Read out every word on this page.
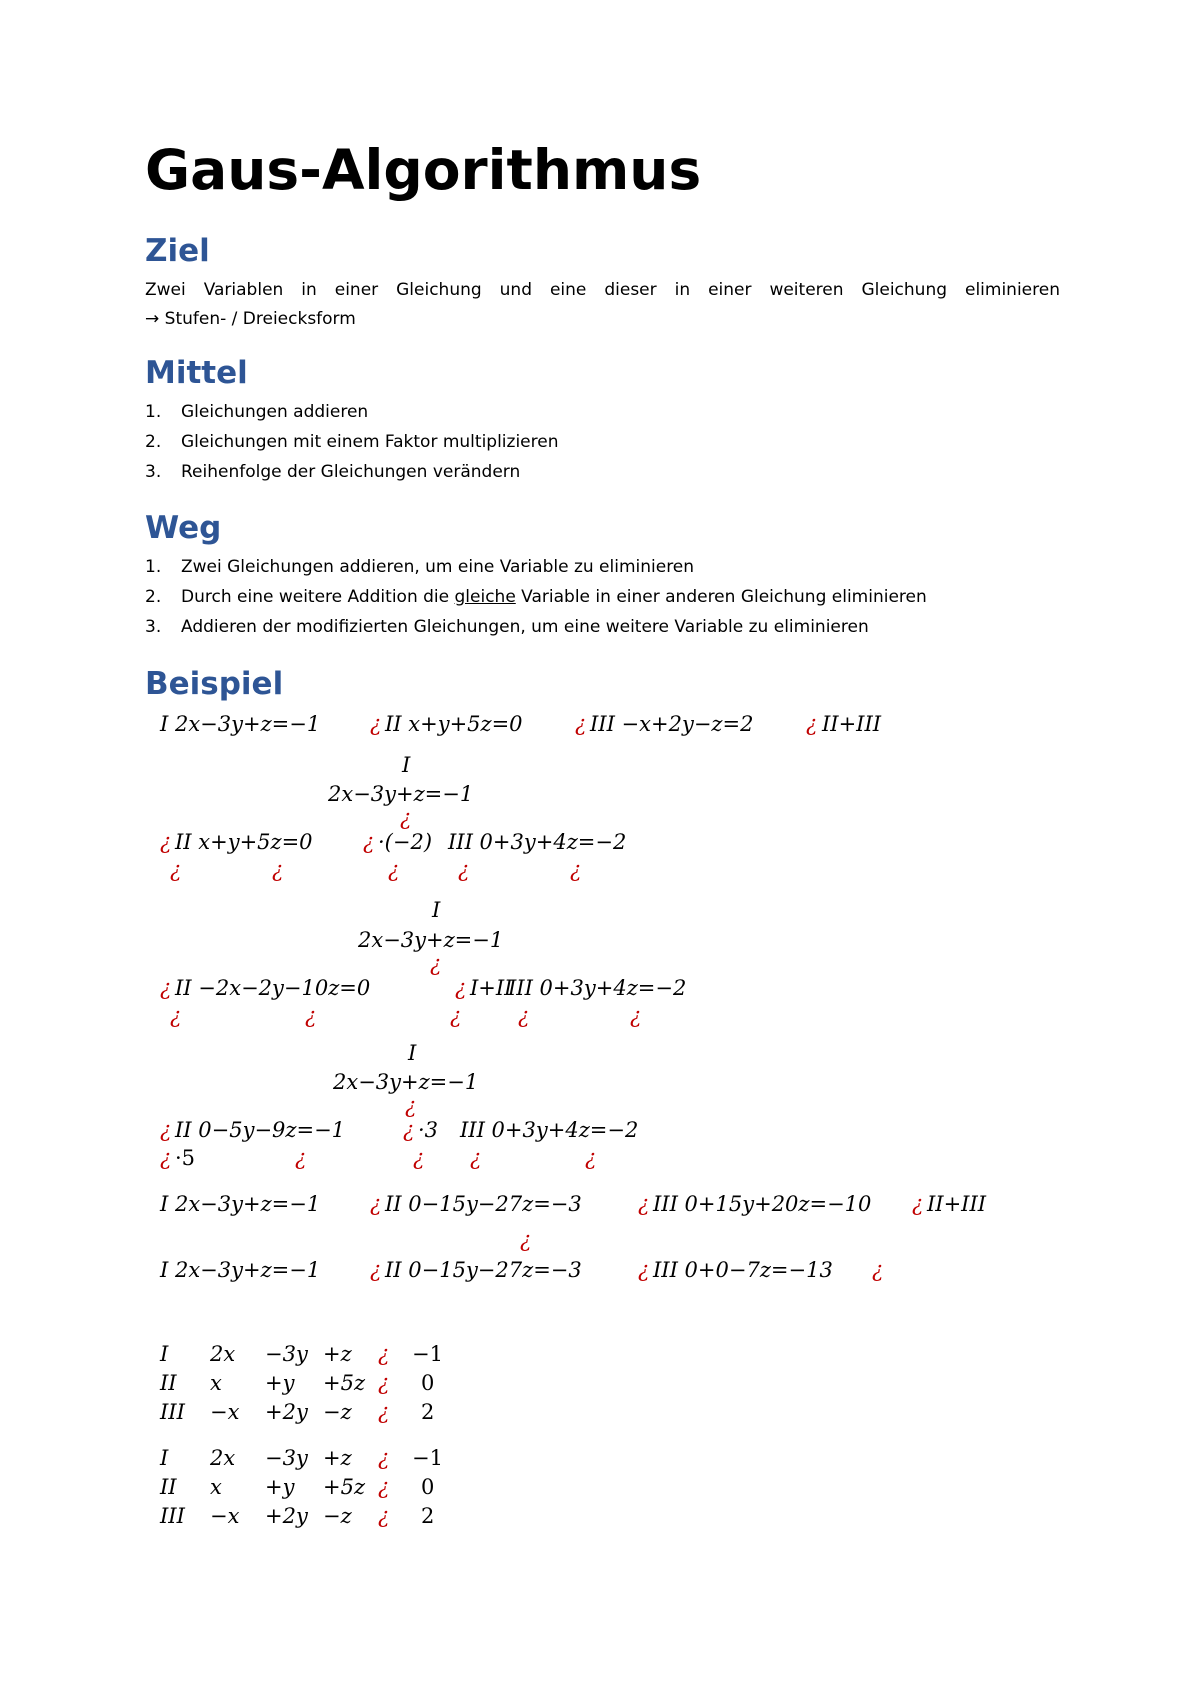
Gaus-Algorithmus
Ziel
Zwei Variablen in einer Gleichung und eine dieser in einer weiteren Gleichung eliminieren

→ Stufen- / Dreiecksform

Mittel
1.	Gleichungen addieren
2.	Gleichungen mit einem Faktor multiplizieren
3.	Reihenfolge der Gleichungen verändern
Weg
1.	Zwei Gleichungen addieren, um eine Variable zu eliminieren
2.	Durch eine weitere Addition die gleiche Variable in einer anderen Gleichung eliminieren
3.	Addieren der modifizierten Gleichungen, um eine weitere Variable zu eliminieren
Beispiel
I 2x−3y+z=−1 ¿ II x+y+5z=0 ¿ III −x+2y−z=2	¿ II+III
I
2x−3y+z=−1
¿
¿ II x+y+5z=0 ¿ ·(−2) III 0+3y+4z=−2
¿	¿	¿	¿	¿
I
2x−3y+z=−1
¿
¿ II −2x−2y−10z=0	¿ I+II
III 0+3y+4z=−2
¿	¿	¿	¿	¿
I
2x−3y+z=−1
¿
¿ II 0−5y−9z=−1	¿ ·3 III 0+3y+4z=−2
¿ ·5	¿	¿ ¿	¿
I 2x−3y+z=−1 ¿ II 0−15y−27z=−3	¿ III 0+15y+20z=−10 ¿ II+III
¿
I 2x−3y+z=−1 ¿ II 0−15y−27z=−3	¿ III 0+0−7z=−13 ¿
I 2x −3y +z ¿ −1
II x +y +5z ¿ 0
III −x +2y −z ¿ 2
I 2x −3y +z ¿ −1
II x +y +5z ¿ 0
III −x +2y −z ¿ 2
